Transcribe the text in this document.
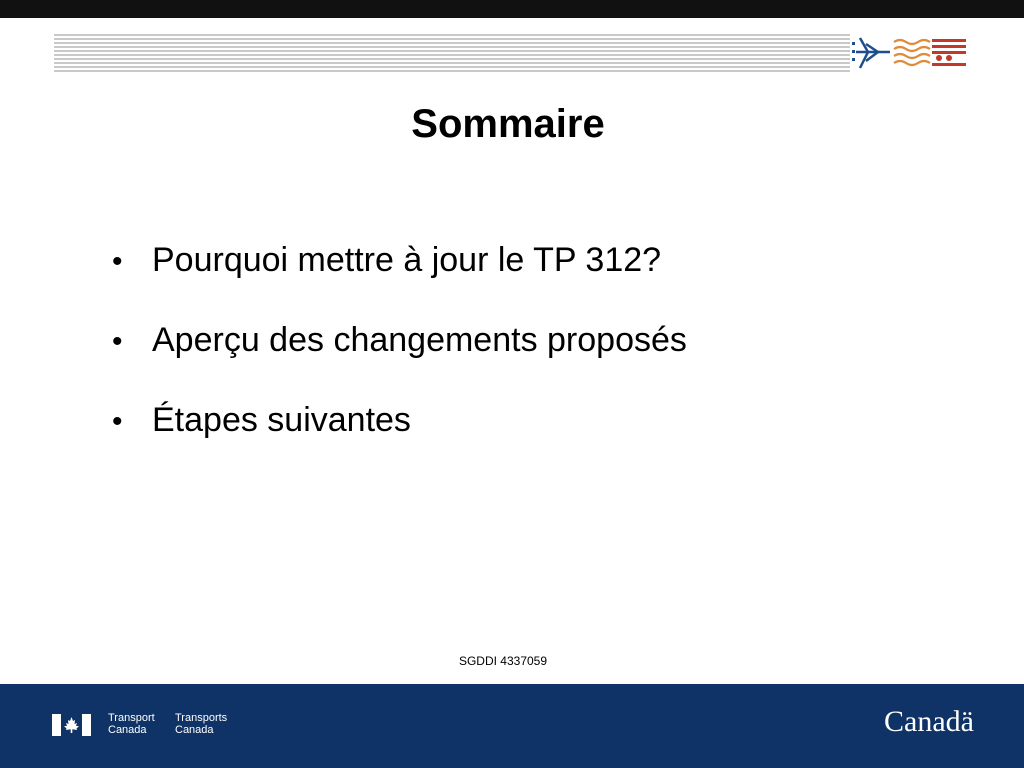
Sommaire
• Pourquoi mettre à jour le TP 312?
• Aperçu des changements proposés
• Étapes suivantes
SGDDI 4337059
Transport
Canada
Transports
Canada	Canadä
